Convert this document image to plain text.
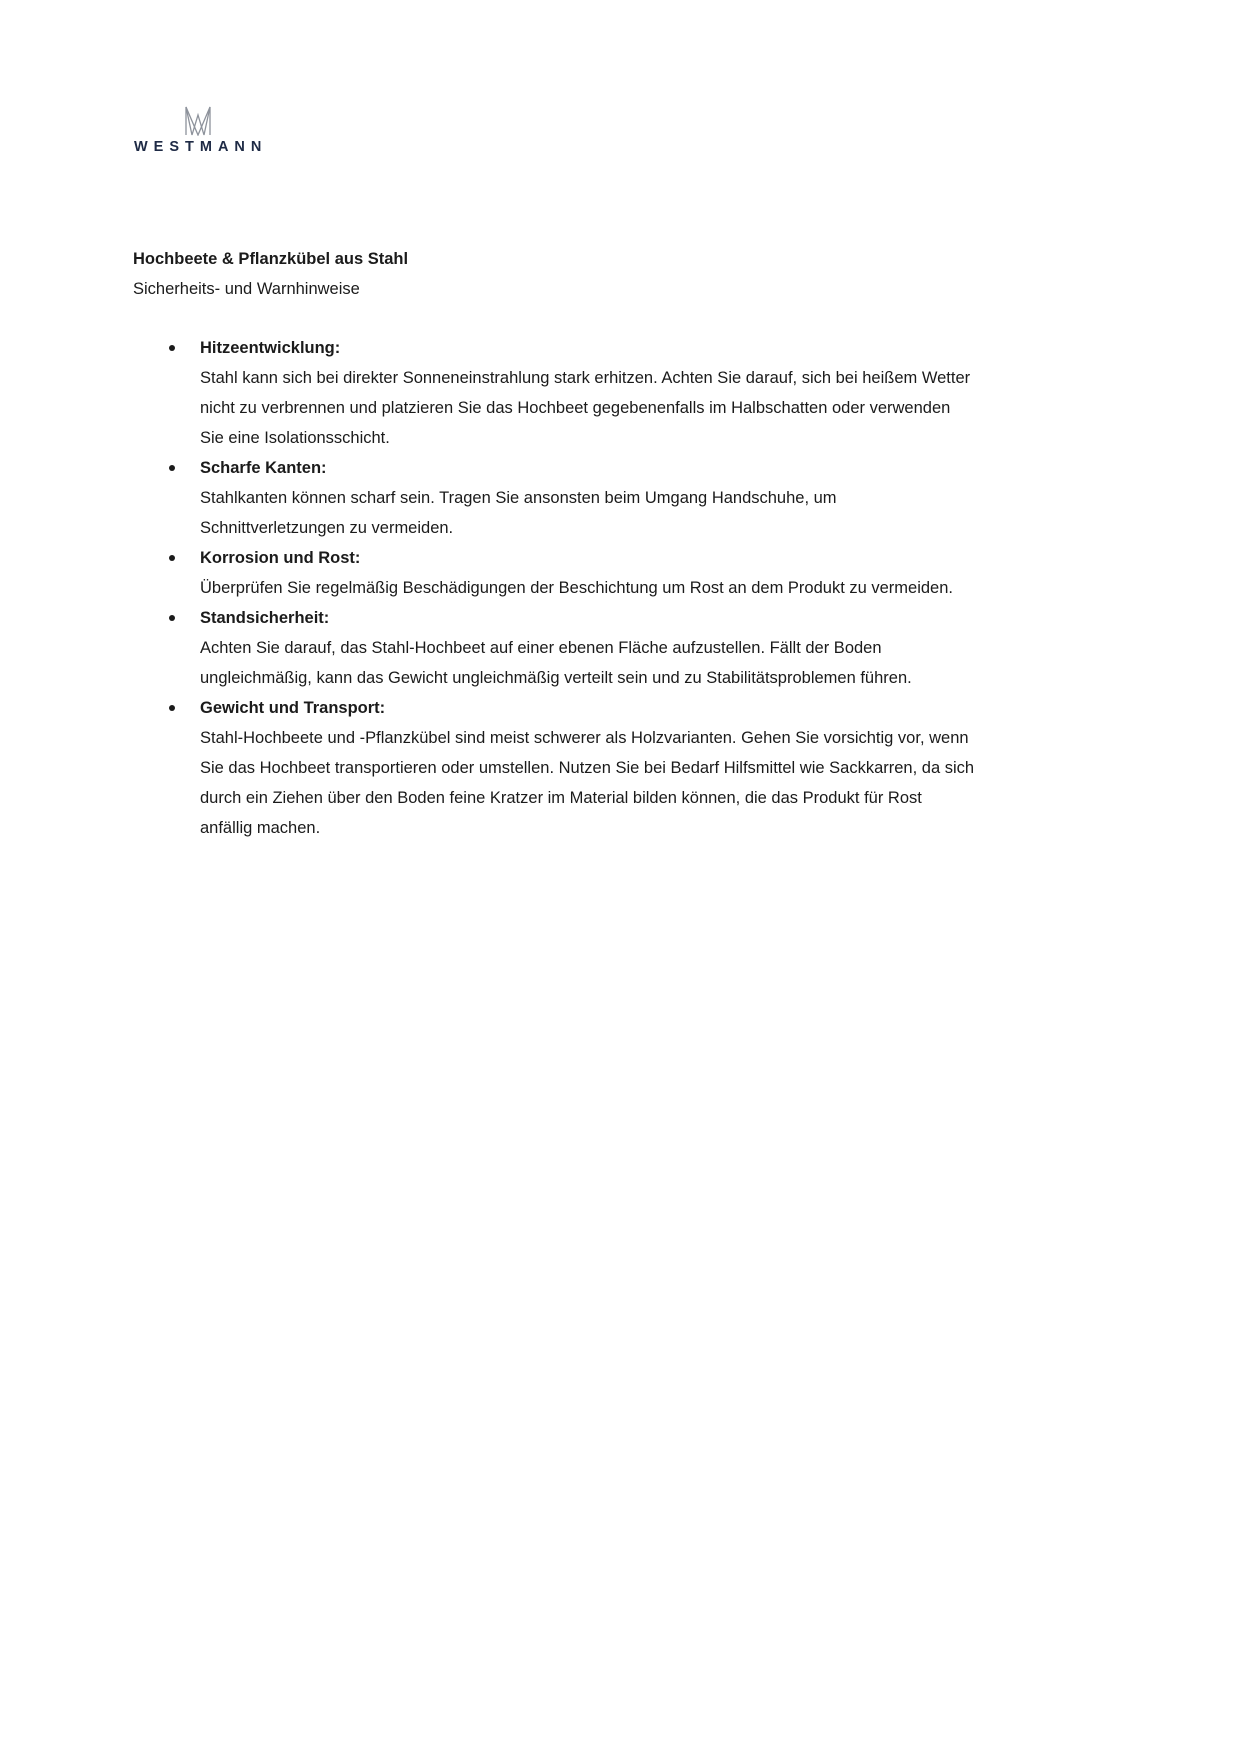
WESTMANN
Hochbeete & Pflanzkübel aus Stahl

Sicherheits- und Warnhinweise

Hitzeentwicklung:
Stahl kann sich bei direkter Sonneneinstrahlung stark erhitzen. Achten Sie darauf, sich bei heißem Wetter nicht zu verbrennen und platzieren Sie das Hochbeet gegebenenfalls im Halbschatten oder verwenden Sie eine Isolationsschicht.
Scharfe Kanten:
Stahlkanten können scharf sein. Tragen Sie ansonsten beim Umgang Handschuhe, um Schnittverletzungen zu vermeiden.
Korrosion und Rost:
Überprüfen Sie regelmäßig Beschädigungen der Beschichtung um Rost an dem Produkt zu vermeiden.
Standsicherheit:
Achten Sie darauf, das Stahl-Hochbeet auf einer ebenen Fläche aufzustellen. Fällt der Boden ungleichmäßig, kann das Gewicht ungleichmäßig verteilt sein und zu Stabilitätsproblemen führen.
Gewicht und Transport:
Stahl-Hochbeete und -Pflanzkübel sind meist schwerer als Holzvarianten. Gehen Sie vorsichtig vor, wenn Sie das Hochbeet transportieren oder umstellen. Nutzen Sie bei Bedarf Hilfsmittel wie Sackkarren, da sich durch ein Ziehen über den Boden feine Kratzer im Material bilden können, die das Produkt für Rost anfällig machen.
